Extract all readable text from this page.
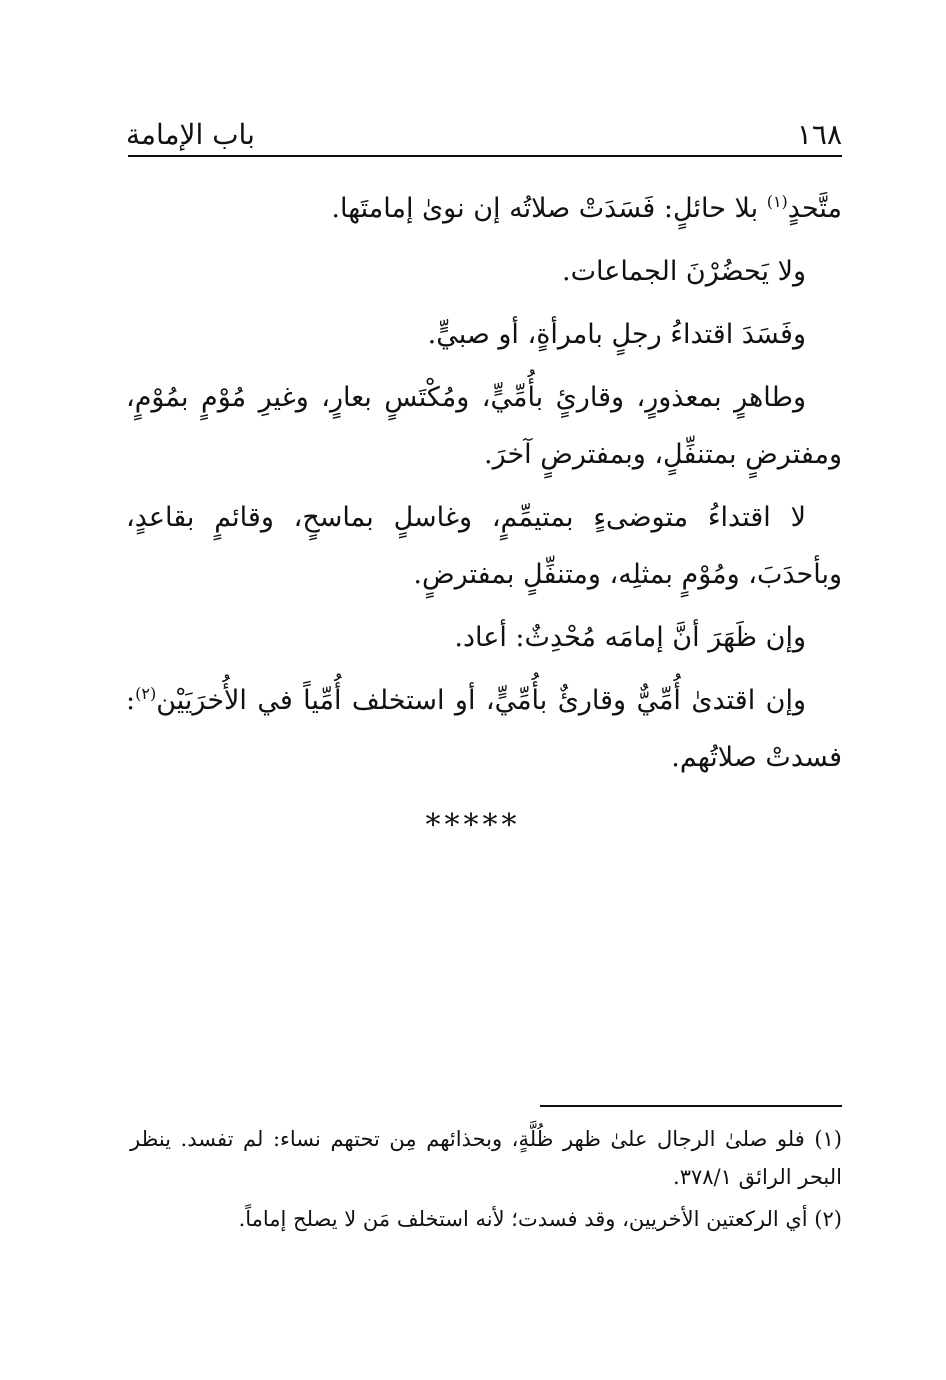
١٦٨
باب الإمامة

متَّحدٍ$^{(١)}$ بلا حائلٍ: فَسَدَتْ صلاتُه إن نوىٰ إمامتَها.

ولا يَحضُرْنَ الجماعات.

وفَسَدَ اقتداءُ رجلٍ بامرأةٍ، أو صبيٍّ.

وطاهرٍ بمعذورٍ، وقارئٍ بأُمِّيٍّ، ومُكْتَسٍ بعارٍ، وغيرِ مُوْمٍ بمُوْمٍ، ومفترضٍ بمتنفِّلٍ، وبمفترضٍ آخرَ.

لا اقتداءُ متوضىءٍ بمتيمِّمٍ، وغاسلٍ بماسحٍ، وقائمٍ بقاعدٍ، وبأحدَبَ، ومُوْمٍ بمثلِه، ومتنفِّلٍ بمفترضٍ.

وإن ظَهَرَ أنَّ إمامَه مُحْدِثٌ: أعاد.

وإن اقتدىٰ أُمِّيٌّ وقارئٌ بأُمِّيٍّ، أو استخلف أُمِّياً في الأُخرَيَيْن$^{(٢)}$: فسدتْ صلاتُهم.

*****

(١) فلو صلىٰ الرجال علىٰ ظهر ظُلَّةٍ، وبحذائهم مِن تحتهم نساء: لم تفسد. ينظر البحر الرائق ٣٧٨/١.

(٢) أي الركعتين الأخريين، وقد فسدت؛ لأنه استخلف مَن لا يصلح إماماً.
